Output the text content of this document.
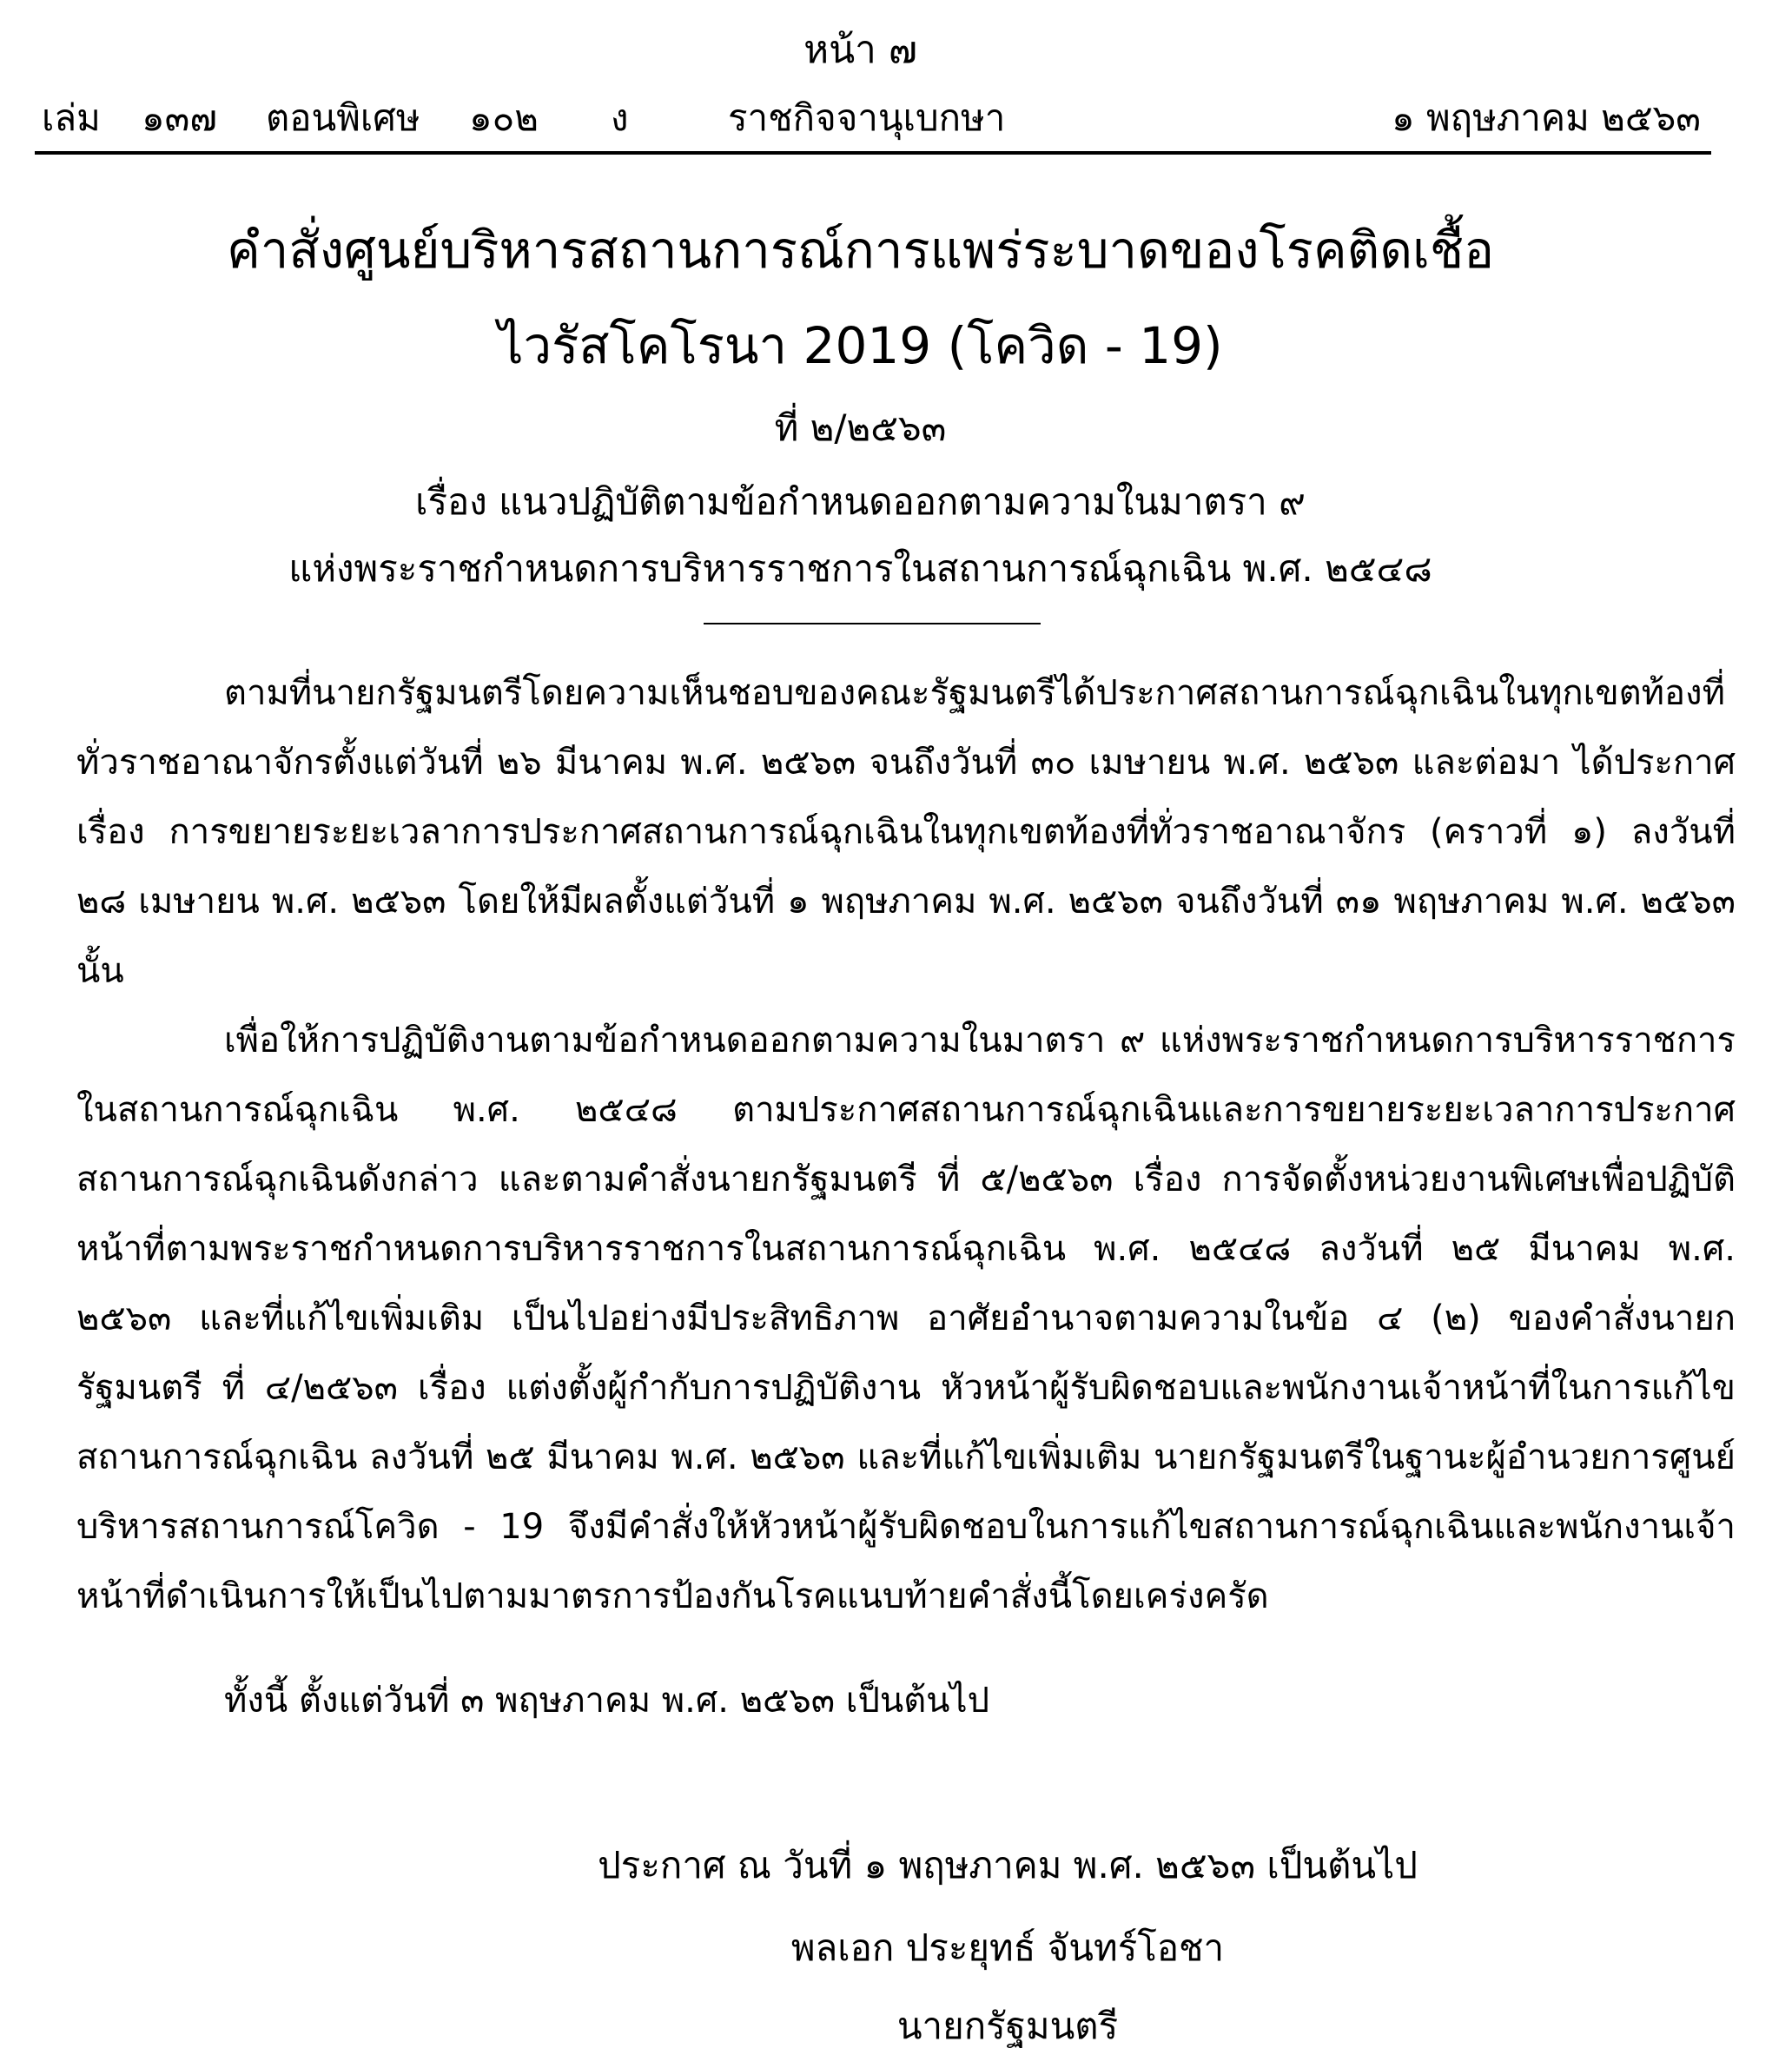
หน้า ๗
เล่ม ๑๓๗ ตอนพิเศษ ๑๐๒ ง	ราชกิจจานุเบกษา	๑ พฤษภาคม ๒๕๖๓
คำสั่งศูนย์บริหารสถานการณ์การแพร่ระบาดของโรคติดเชื้อ
ไวรัสโคโรนา 2019 (โควิด - 19)
ที่ ๒/๒๕๖๓
เรื่อง แนวปฏิบัติตามข้อกำหนดออกตามความในมาตรา ๙
แห่งพระราชกำหนดการบริหารราชการในสถานการณ์ฉุกเฉิน พ.ศ. ๒๕๔๘

ตามที่นายกรัฐมนตรีโดยความเห็นชอบของคณะรัฐมนตรีได้ประกาศสถานการณ์ฉุกเฉินในทุกเขตท้องที่ทั่วราชอาณาจักรตั้งแต่วันที่ ๒๖ มีนาคม พ.ศ. ๒๕๖๓ จนถึงวันที่ ๓๐ เมษายน พ.ศ. ๒๕๖๓ และต่อมา ได้ประกาศ เรื่อง การขยายระยะเวลาการประกาศสถานการณ์ฉุกเฉินในทุกเขตท้องที่ทั่วราชอาณาจักร (คราวที่ ๑) ลงวันที่ ๒๘ เมษายน พ.ศ. ๒๕๖๓ โดยให้มีผลตั้งแต่วันที่ ๑ พฤษภาคม พ.ศ. ๒๕๖๓ จนถึงวันที่ ๓๑ พฤษภาคม พ.ศ. ๒๕๖๓ นั้น

เพื่อให้การปฏิบัติงานตามข้อกำหนดออกตามความในมาตรา ๙ แห่งพระราชกำหนดการบริหารราชการในสถานการณ์ฉุกเฉิน พ.ศ. ๒๕๔๘ ตามประกาศสถานการณ์ฉุกเฉินและการขยายระยะเวลาการประกาศสถานการณ์ฉุกเฉินดังกล่าว และตามคำสั่งนายกรัฐมนตรี ที่ ๕/๒๕๖๓ เรื่อง การจัดตั้งหน่วยงานพิเศษเพื่อปฏิบัติหน้าที่ตามพระราชกำหนดการบริหารราชการในสถานการณ์ฉุกเฉิน พ.ศ. ๒๕๔๘ ลงวันที่ ๒๕ มีนาคม พ.ศ. ๒๕๖๓ และที่แก้ไขเพิ่มเติม เป็นไปอย่างมีประสิทธิภาพ อาศัยอำนาจตามความในข้อ ๔ (๒) ของคำสั่งนายกรัฐมนตรี ที่ ๔/๒๕๖๓ เรื่อง แต่งตั้งผู้กำกับการปฏิบัติงาน หัวหน้าผู้รับผิดชอบและพนักงานเจ้าหน้าที่ในการแก้ไขสถานการณ์ฉุกเฉิน ลงวันที่ ๒๕ มีนาคม พ.ศ. ๒๕๖๓ และที่แก้ไขเพิ่มเติม นายกรัฐมนตรีในฐานะผู้อำนวยการศูนย์บริหารสถานการณ์โควิด - 19 จึงมีคำสั่งให้หัวหน้าผู้รับผิดชอบในการแก้ไขสถานการณ์ฉุกเฉินและพนักงานเจ้าหน้าที่ดำเนินการให้เป็นไปตามมาตรการป้องกันโรคแนบท้ายคำสั่งนี้โดยเคร่งครัด

ทั้งนี้ ตั้งแต่วันที่ ๓ พฤษภาคม พ.ศ. ๒๕๖๓ เป็นต้นไป

ประกาศ ณ วันที่ ๑ พฤษภาคม พ.ศ. ๒๕๖๓ เป็นต้นไป
พลเอก ประยุทธ์ จันทร์โอชา
นายกรัฐมนตรี
